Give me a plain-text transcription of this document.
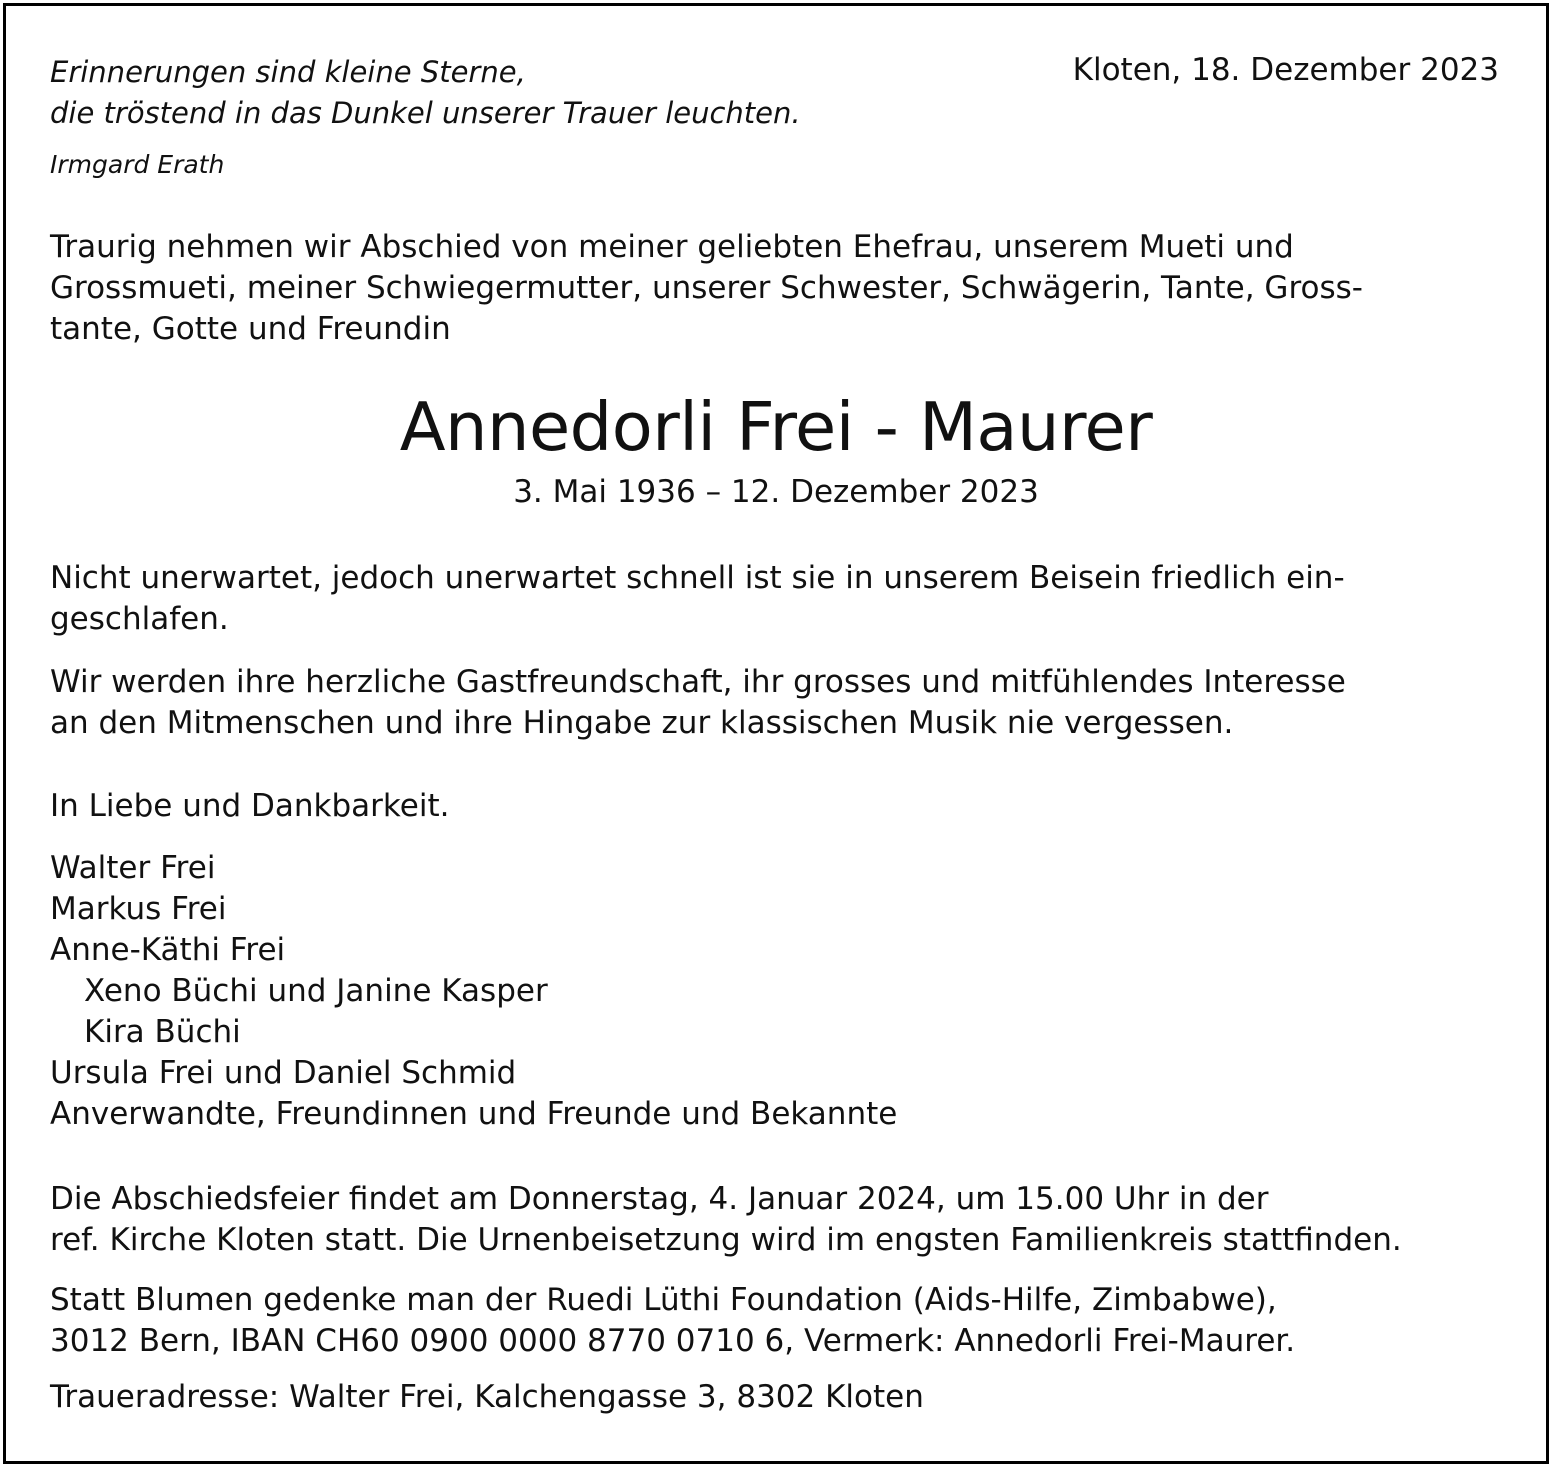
Erinnerungen sind kleine Sterne,
die tröstend in das Dunkel unserer Trauer leuchten.
Irmgard Erath
Kloten, 18. Dezember 2023
Traurig nehmen wir Abschied von meiner geliebten Ehefrau, unserem Mueti und
Grossmueti, meiner Schwiegermutter, unserer Schwester, Schwägerin, Tante, Gross-
tante, Gotte und Freundin
Annedorli Frei - Maurer
3. Mai 1936 – 12. Dezember 2023
Nicht unerwartet, jedoch unerwartet schnell ist sie in unserem Beisein friedlich ein-
geschlafen.
Wir werden ihre herzliche Gastfreundschaft, ihr grosses und mitfühlendes Interesse
an den Mitmenschen und ihre Hingabe zur klassischen Musik nie vergessen.
In Liebe und Dankbarkeit.
Walter Frei
Markus Frei
Anne-Käthi Frei
Xeno Büchi und Janine Kasper
Kira Büchi
Ursula Frei und Daniel Schmid
Anverwandte, Freundinnen und Freunde und Bekannte
Die Abschiedsfeier findet am Donnerstag, 4. Januar 2024, um 15.00 Uhr in der
ref. Kirche Kloten statt. Die Urnenbeisetzung wird im engsten Familienkreis stattfinden.
Statt Blumen gedenke man der Ruedi Lüthi Foundation (Aids-Hilfe, Zimbabwe),
3012 Bern, IBAN CH60 0900 0000 8770 0710 6, Vermerk: Annedorli Frei-Maurer.
Traueradresse: Walter Frei, Kalchengasse 3, 8302 Kloten
